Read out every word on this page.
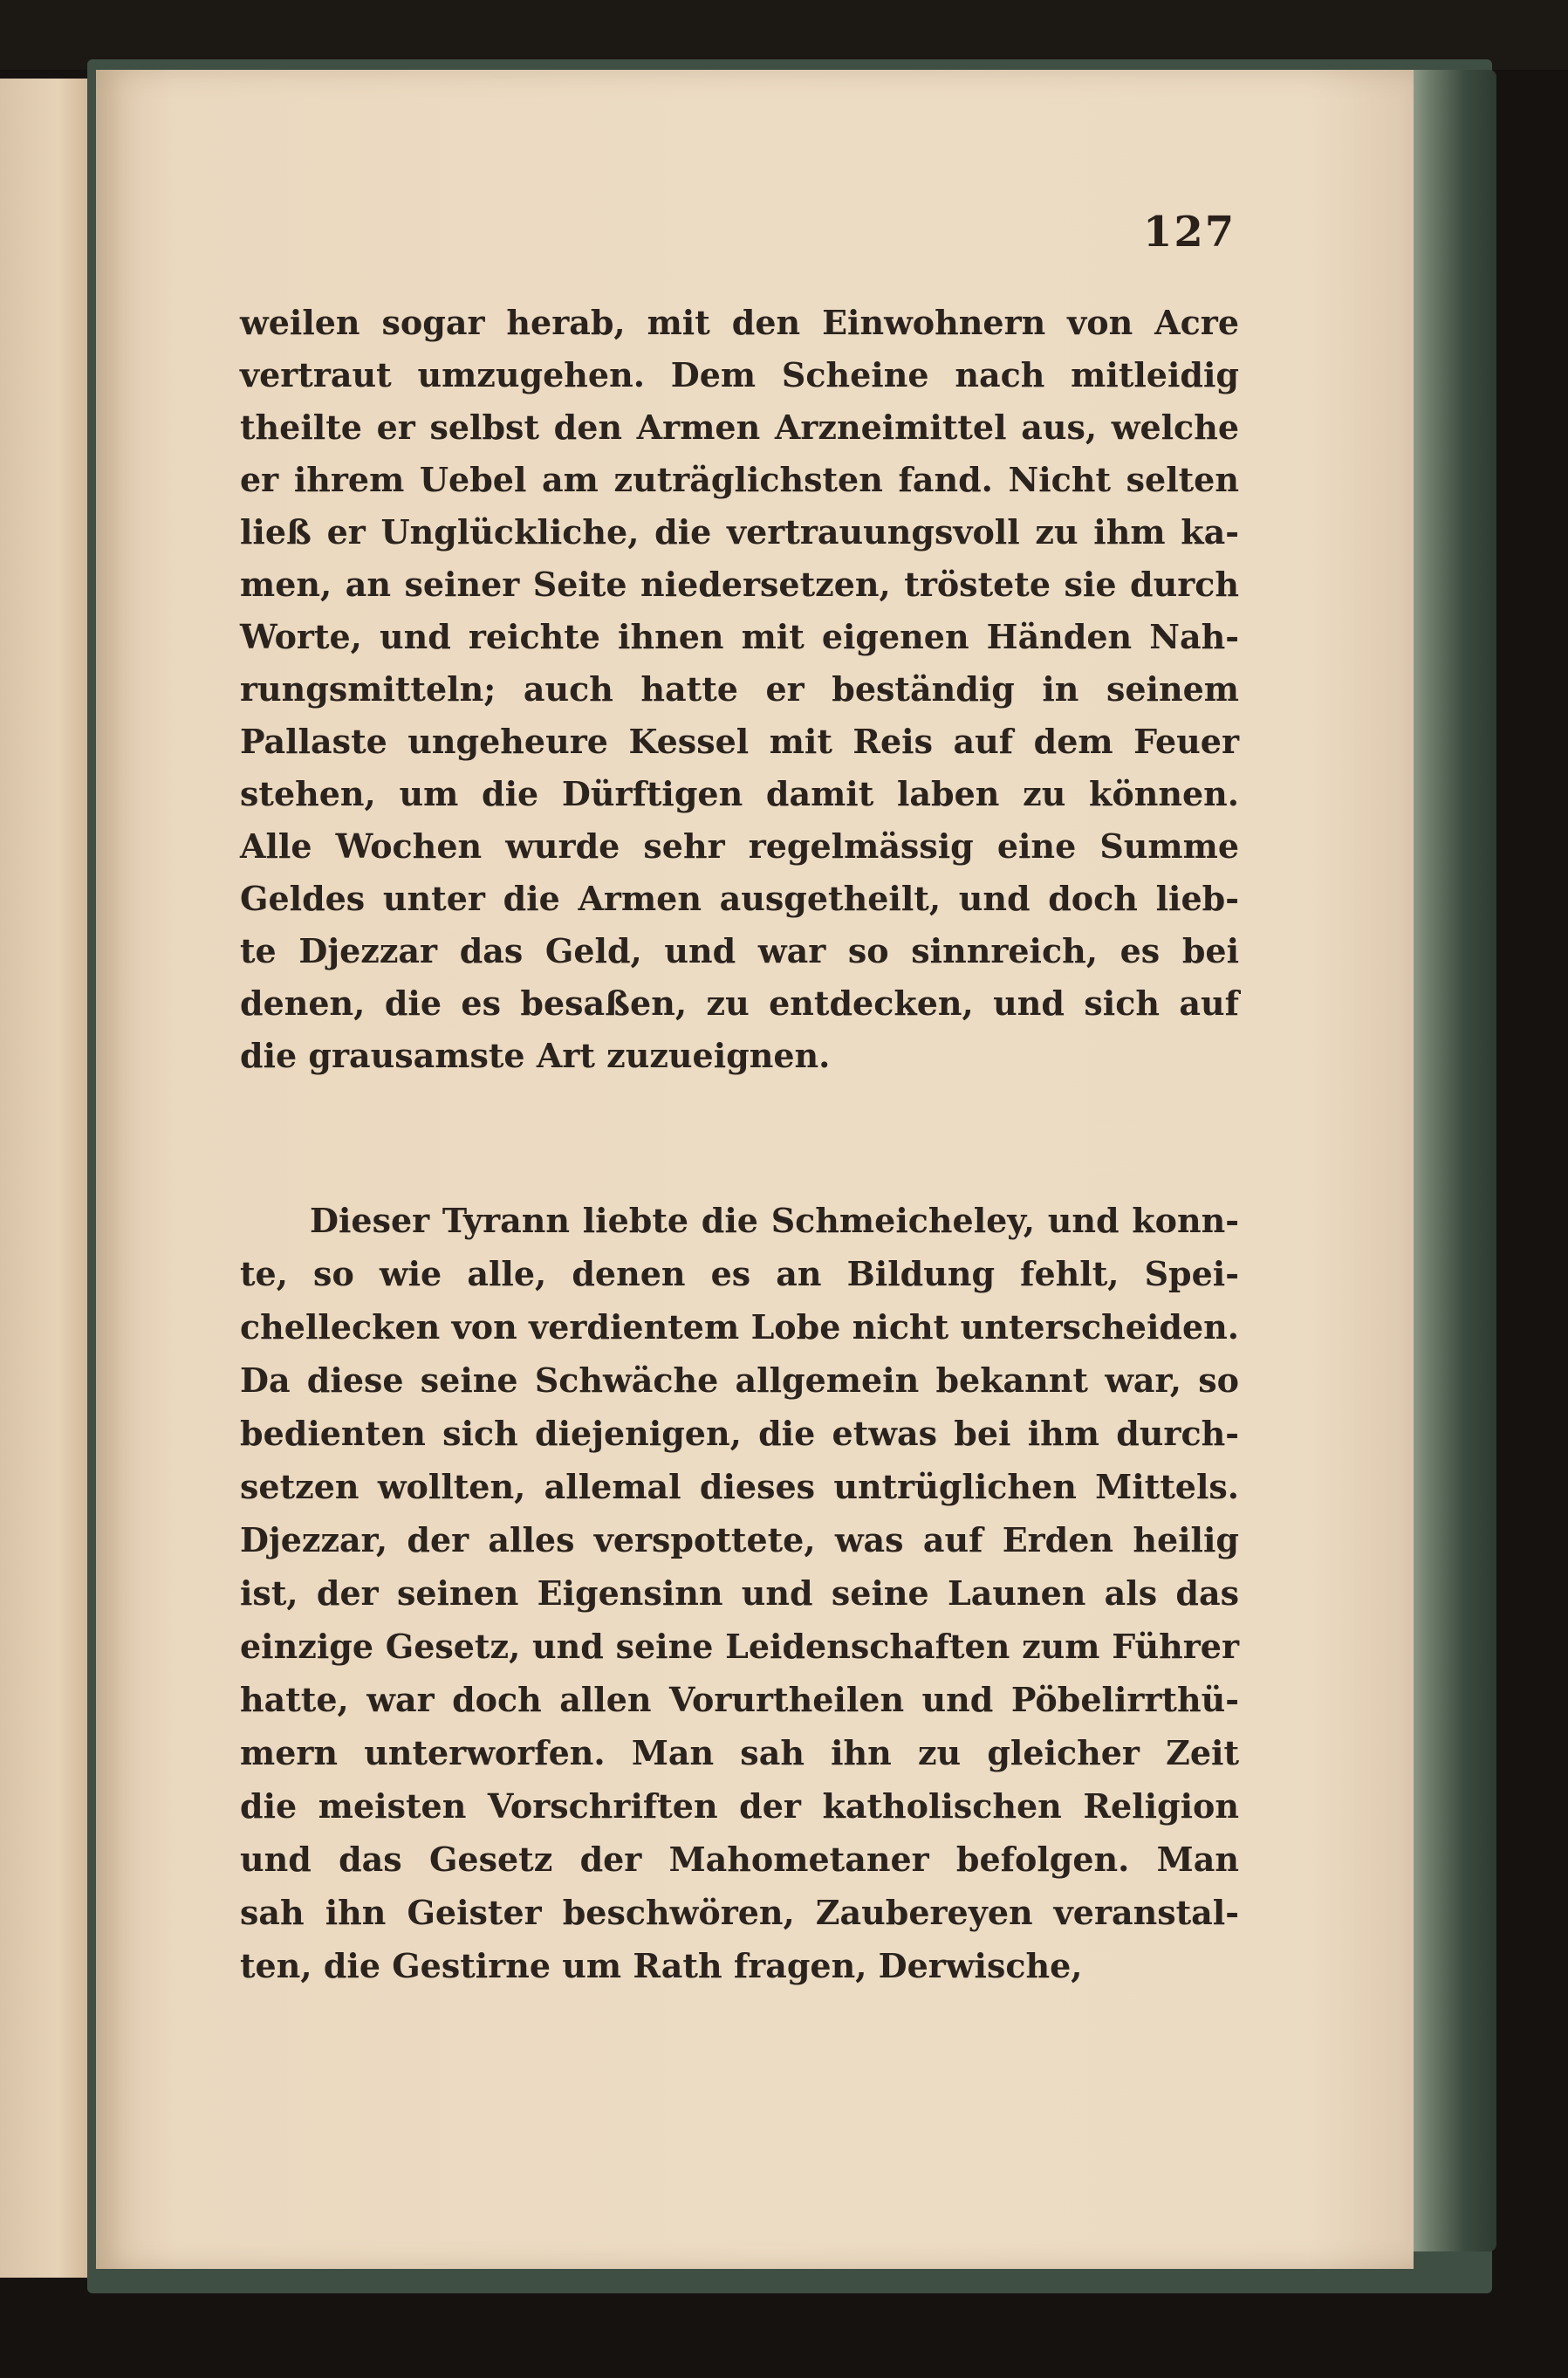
127
weilen sogar herab, mit den Einwohnern von Acre
vertraut umzugehen. Dem Scheine nach mitleidig
theilte er selbst den Armen Arzneimittel aus, welche
er ihrem Uebel am zuträglichsten fand. Nicht selten
ließ er Unglückliche, die vertrauungsvoll zu ihm ka-
men, an seiner Seite niedersetzen, tröstete sie durch
Worte, und reichte ihnen mit eigenen Händen Nah-
rungsmitteln; auch hatte er beständig in seinem
Pallaste ungeheure Kessel mit Reis auf dem Feuer
stehen, um die Dürftigen damit laben zu können.
Alle Wochen wurde sehr regelmässig eine Summe
Geldes unter die Armen ausgetheilt, und doch lieb-
te Djezzar das Geld, und war so sinnreich, es bei
denen, die es besaßen, zu entdecken, und sich auf
die grausamste Art zuzueignen.
Dieser Tyrann liebte die Schmeicheley, und konn-
te, so wie alle, denen es an Bildung fehlt, Spei-
chellecken von verdientem Lobe nicht unterscheiden.
Da diese seine Schwäche allgemein bekannt war, so
bedienten sich diejenigen, die etwas bei ihm durch-
setzen wollten, allemal dieses untrüglichen Mittels.
Djezzar, der alles verspottete, was auf Erden heilig
ist, der seinen Eigensinn und seine Launen als das
einzige Gesetz, und seine Leidenschaften zum Führer
hatte, war doch allen Vorurtheilen und Pöbelirrthü-
mern unterworfen. Man sah ihn zu gleicher Zeit
die meisten Vorschriften der katholischen Religion
und das Gesetz der Mahometaner befolgen. Man
sah ihn Geister beschwören, Zaubereyen veranstal-
ten, die Gestirne um Rath fragen, Derwische,
